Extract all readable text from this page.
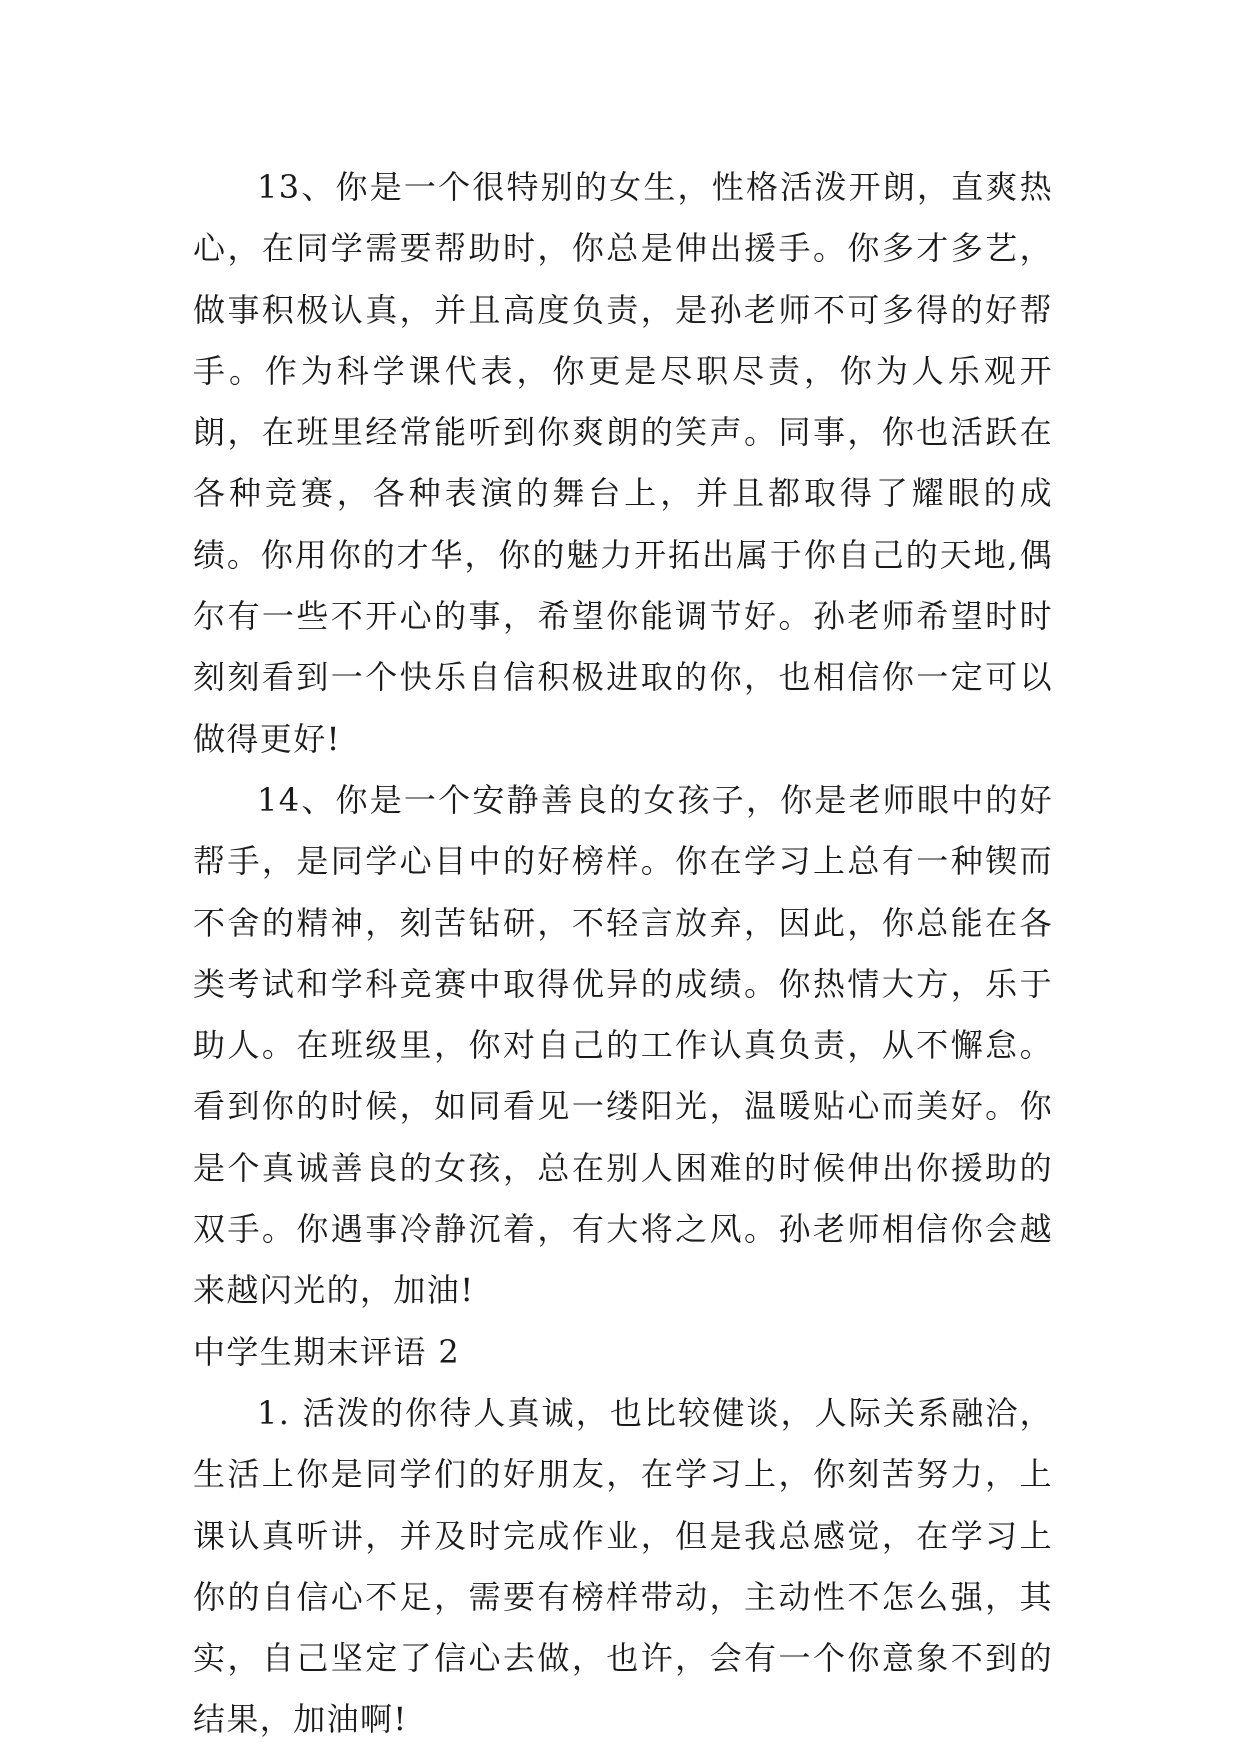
13、你是一个很特别的女生，性格活泼开朗，直爽热心，在同学需要帮助时，你总是伸出援手。你多才多艺，做事积极认真，并且高度负责，是孙老师不可多得的好帮手。作为科学课代表，你更是尽职尽责，你为人乐观开朗，在班里经常能听到你爽朗的笑声。同事，你也活跃在各种竞赛，各种表演的舞台上，并且都取得了耀眼的成绩。你用你的才华，你的魅力开拓出属于你自己的天地,偶尔有一些不开心的事，希望你能调节好。孙老师希望时时刻刻看到一个快乐自信积极进取的你，也相信你一定可以做得更好!

14、你是一个安静善良的女孩子，你是老师眼中的好帮手，是同学心目中的好榜样。你在学习上总有一种锲而不舍的精神，刻苦钻研，不轻言放弃，因此，你总能在各类考试和学科竞赛中取得优异的成绩。你热情大方，乐于助人。在班级里，你对自己的工作认真负责，从不懈怠。看到你的时候，如同看见一缕阳光，温暖贴心而美好。你是个真诚善良的女孩，总在别人困难的时候伸出你援助的双手。你遇事冷静沉着，有大将之风。孙老师相信你会越来越闪光的，加油!

中学生期末评语 2

1. 活泼的你待人真诚，也比较健谈，人际关系融洽，生活上你是同学们的好朋友，在学习上，你刻苦努力，上课认真听讲，并及时完成作业，但是我总感觉，在学习上你的自信心不足，需要有榜样带动，主动性不怎么强，其实，自己坚定了信心去做，也许，会有一个你意象不到的结果，加油啊!
